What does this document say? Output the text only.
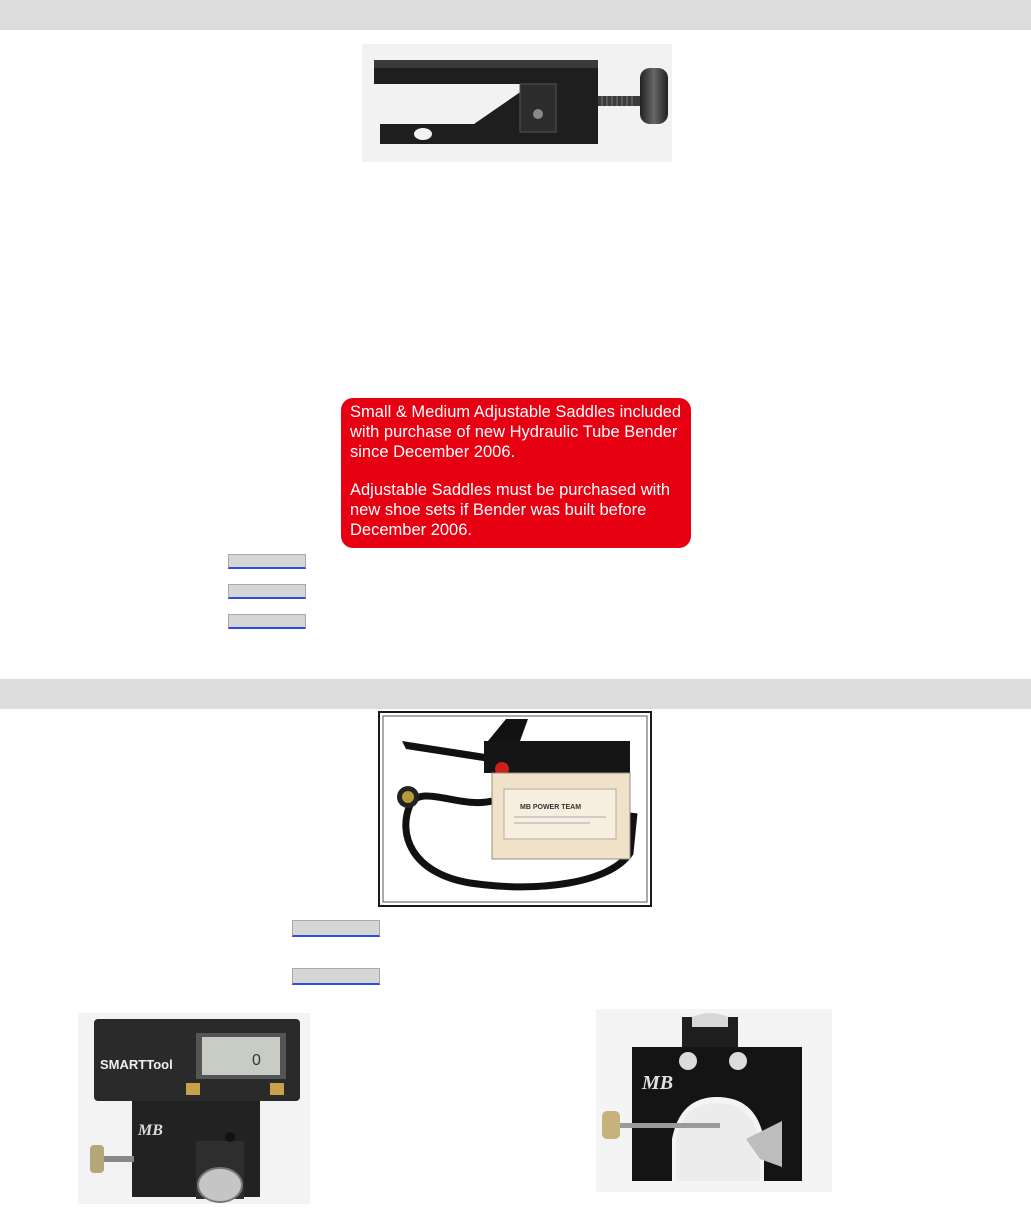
Small & Medium Adjustable Saddles included with purchase of new Hydraulic Tube Bender since December 2006.

Adjustable Saddles must be purchased with new shoe sets if Bender was built before December 2006.

MB POWER TEAM
SMARTTool	0
MB
MB
